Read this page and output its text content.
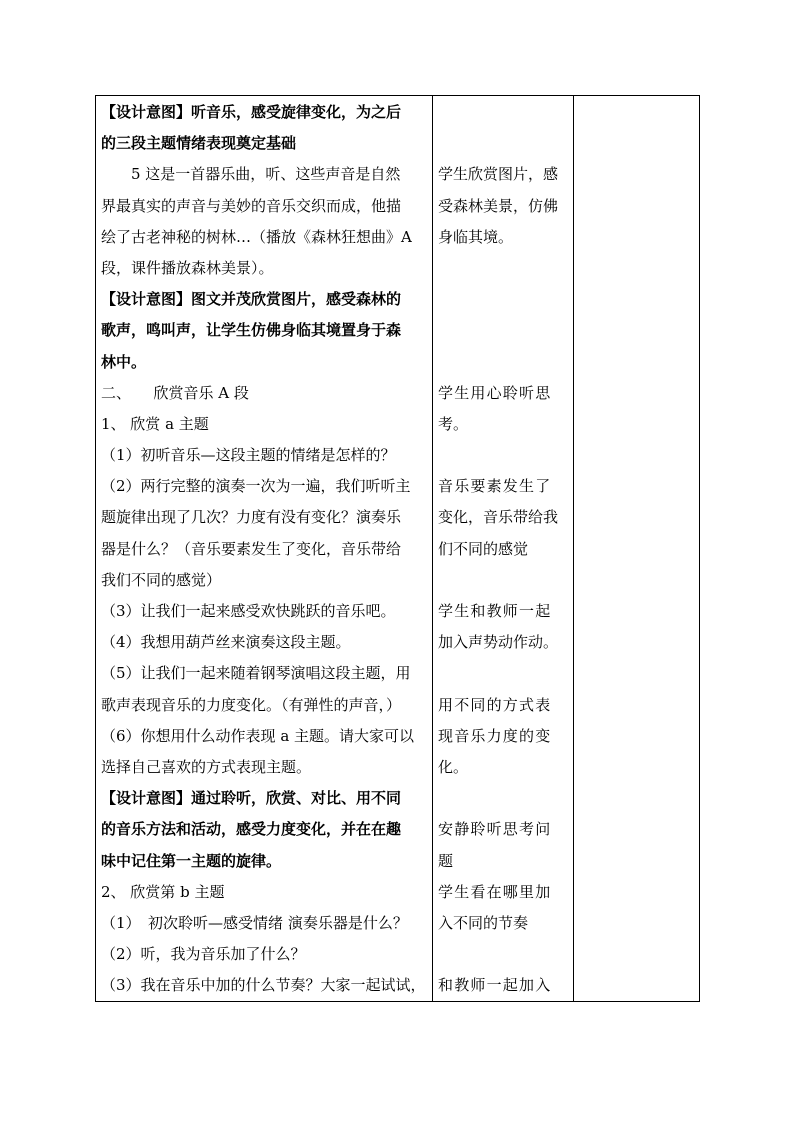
【设计意图】听音乐，感受旋律变化，为之后
的三段主题情绪表现奠定基础
　　5 这是一首器乐曲，听、这些声音是自然
界最真实的声音与美妙的音乐交织而成，他描
绘了古老神秘的树林…（播放《森林狂想曲》A
段，课件播放森林美景）。
【设计意图】图文并茂欣赏图片，感受森林的
歌声，鸣叫声，让学生仿佛身临其境置身于森
林中。
二、　　欣赏音乐 A 段
1、 欣赏 a 主题
（1）初听音乐—这段主题的情绪是怎样的？
（2）两行完整的演奏一次为一遍，我们听听主
题旋律出现了几次？力度有没有变化？演奏乐
器是什么？（音乐要素发生了变化，音乐带给
我们不同的感觉）
（3）让我们一起来感受欢快跳跃的音乐吧。
（4）我想用葫芦丝来演奏这段主题。
（5）让我们一起来随着钢琴演唱这段主题，用
歌声表现音乐的力度变化。（有弹性的声音，）
（6）你想用什么动作表现 a 主题。请大家可以
选择自己喜欢的方式表现主题。
【设计意图】通过聆听，欣赏、对比、用不同
的音乐方法和活动，感受力度变化，并在在趣
味中记住第一主题的旋律。
2、 欣赏第 b 主题
（1）　初次聆听—感受情绪 演奏乐器是什么？
（2）听，我为音乐加了什么？
（3）我在音乐中加的什么节奏？大家一起试试，
学生欣赏图片，感
受森林美景，仿佛
身临其境。
学生用心聆听思
考。
音乐要素发生了
变化，音乐带给我
们不同的感觉
学生和教师一起
加入声势动作动。
用不同的方式表
现音乐力度的变
化。
安静聆听思考问
题
学生看在哪里加
入不同的节奏
和教师一起加入
